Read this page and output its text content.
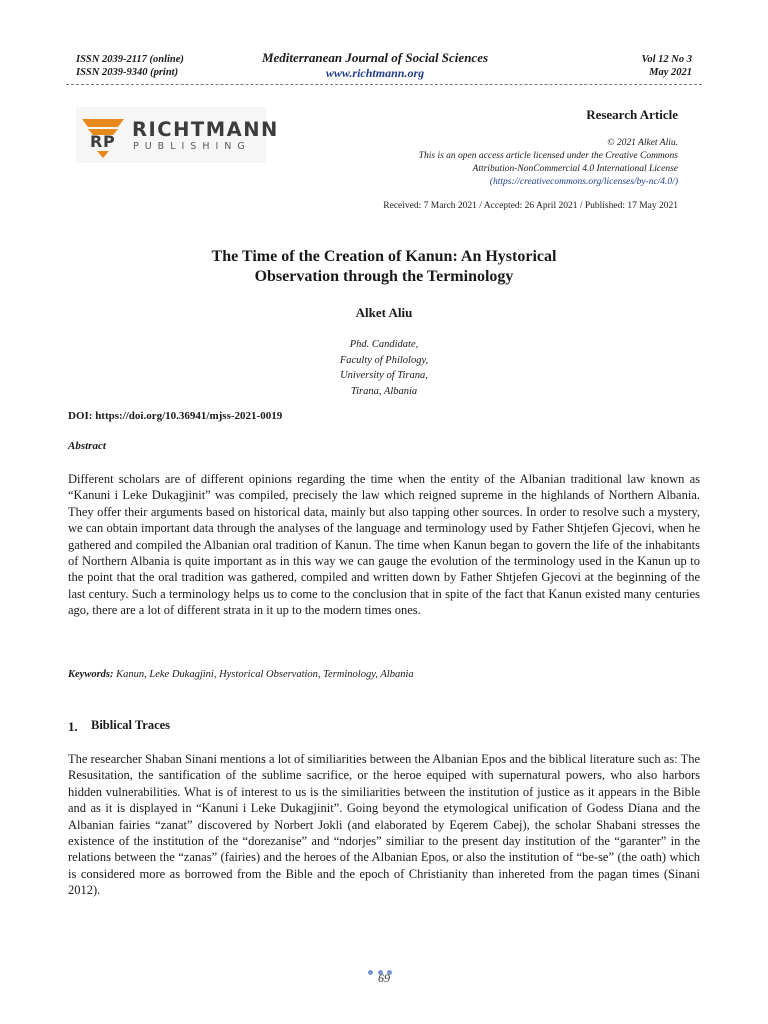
ISSN 2039-2117 (online)
ISSN 2039-9340 (print)
Mediterranean Journal of Social Sciences
www.richtmann.org
Vol 12 No 3
May 2021
R P
RICHTMANN
PUBLISHING
Research Article
© 2021 Alket Aliu.
This is an open access article licensed under the Creative Commons
Attribution-NonCommercial 4.0 International License
(https://creativecommons.org/licenses/by-nc/4.0/)
Received: 7 March 2021 / Accepted: 26 April 2021 / Published: 17 May 2021
The Time of the Creation of Kanun: An Hystorical
Observation through the Terminology
Alket Aliu
Phd. Candidate,
Faculty of Philology,
University of Tirana,
Tirana, Albania
DOI: https://doi.org/10.36941/mjss-2021-0019
Abstract
Different scholars are of different opinions regarding the time when the entity of the Albanian traditional law known as “Kanuni i Leke Dukagjinit” was compiled, precisely the law which reigned supreme in the highlands of Northern Albania. They offer their arguments based on historical data, mainly but also tapping other sources. In order to resolve such a mystery, we can obtain important data through the analyses of the language and terminology used by Father Shtjefen Gjecovi, when he gathered and compiled the Albanian oral tradition of Kanun. The time when Kanun began to govern the life of the inhabitants of Northern Albania is quite important as in this way we can gauge the evolution of the terminology used in the Kanun up to the point that the oral tradition was gathered, compiled and written down by Father Shtjefen Gjecovi at the beginning of the last century. Such a terminology helps us to come to the conclusion that in spite of the fact that Kanun existed many centuries ago, there are a lot of different strata in it up to the modern times ones.
Keywords: Kanun, Leke Dukagjini, Hystorical Observation, Terminology, Albania
1. Biblical Traces
The researcher Shaban Sinani mentions a lot of similiarities between the Albanian Epos and the biblical literature such as: The Resusitation, the santification of the sublime sacrifice, or the heroe equiped with supernatural powers, who also harbors hidden vulnerabilities. What is of interest to us is the similiarities between the institution of justice as it appears in the Bible and as it is displayed in “Kanuni i Leke Dukagjinit”. Going beyond the etymological unification of Godess Diana and the Albanian fairies “zanat” discovered by Norbert Jokli (and elaborated by Eqerem Cabej), the scholar Shabani stresses the existence of the institution of the “dorezanise” and “ndorjes” similiar to the present day institution of the “garanter” in the relations between the “zanas” (fairies) and the heroes of the Albanian Epos, or also the institution of “be-se” (the oath) which is considered more as borrowed from the Bible and the epoch of Christianity than inhereted from the pagan times (Sinani 2012).
69
